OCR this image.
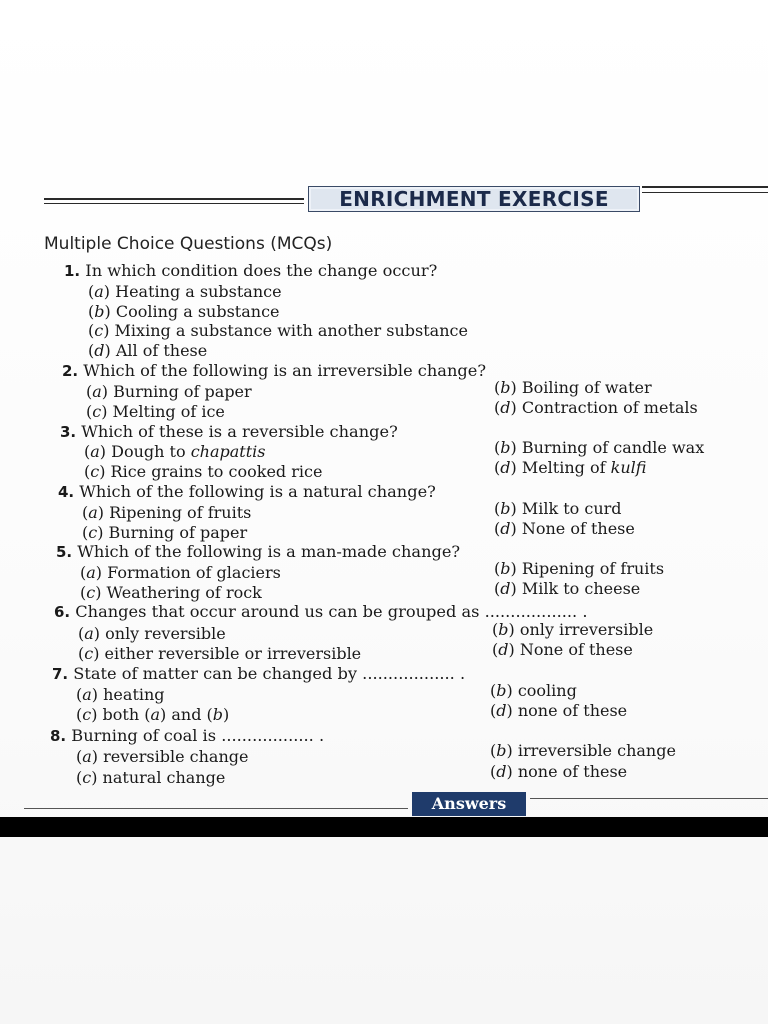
ENRICHMENT EXERCISE
Multiple Choice Questions (MCQs)
1. In which condition does the change occur?
(a) Heating a substance
(b) Cooling a substance
(c) Mixing a substance with another substance
(d) All of these
2. Which of the following is an irreversible change?
(a) Burning of paper	(b) Boiling of water
(c) Melting of ice	(d) Contraction of metals
3. Which of these is a reversible change?
(a) Dough to chapattis	(b) Burning of candle wax
(c) Rice grains to cooked rice	(d) Melting of kulfi
4. Which of the following is a natural change?
(a) Ripening of fruits	(b) Milk to curd
(c) Burning of paper	(d) None of these
5. Which of the following is a man-made change?
(a) Formation of glaciers	(b) Ripening of fruits
(c) Weathering of rock	(d) Milk to cheese
6. Changes that occur around us can be grouped as .................. .
(a) only reversible	(b) only irreversible
(c) either reversible or irreversible	(d) None of these
7. State of matter can be changed by .................. .
(a) heating	(b) cooling
(c) both (a) and (b)	(d) none of these
8. Burning of coal is .................. .
(a) reversible change	(b) irreversible change
(c) natural change	(d) none of these
Answers
